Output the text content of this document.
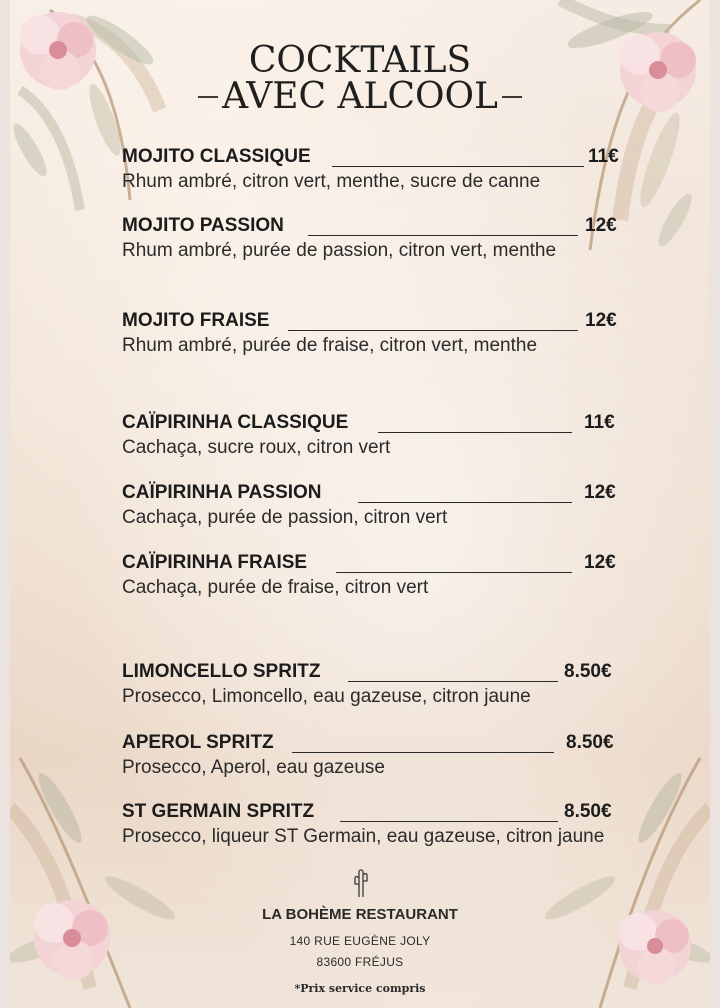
COCKTAILS
AVEC ALCOOL
MOJITO CLASSIQUE	11€
Rhum ambré, citron vert, menthe, sucre de canne
MOJITO PASSION	12€
Rhum ambré, purée de passion, citron vert, menthe
MOJITO FRAISE	12€
Rhum ambré, purée de fraise, citron vert, menthe
CAÏPIRINHA CLASSIQUE	11€
Cachaça, sucre roux, citron vert
CAÏPIRINHA PASSION	12€
Cachaça, purée de passion, citron vert
CAÏPIRINHA FRAISE	12€
Cachaça, purée de fraise, citron vert
LIMONCELLO SPRITZ	8.50€
Prosecco, Limoncello, eau gazeuse, citron jaune
APEROL SPRITZ	8.50€
Prosecco, Aperol, eau gazeuse
ST GERMAIN SPRITZ	8.50€
Prosecco, liqueur ST Germain, eau gazeuse, citron jaune
LA BOHÈME RESTAURANT
140 RUE EUGÈNE JOLY
83600 FRÉJUS
*Prix service compris
